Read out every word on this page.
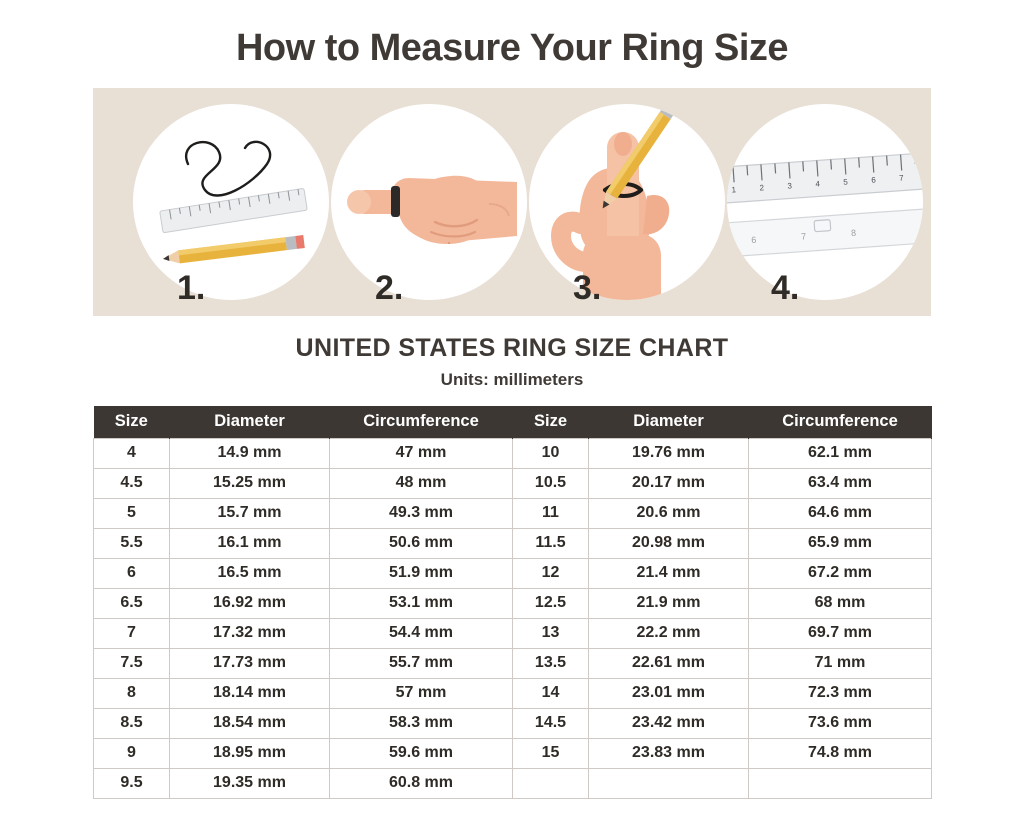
How to Measure Your Ring Size
1.	2.	3.
1	2	3	4	5	6	7
6	7	8
4.
UNITED STATES RING SIZE CHART
Units: millimeters
Size	Diameter	Circumference	Size	Diameter	Circumference
4	14.9 mm	47 mm	10	19.76 mm	62.1 mm
4.5	15.25 mm	48 mm	10.5	20.17 mm	63.4 mm
5	15.7 mm	49.3 mm	11	20.6 mm	64.6 mm
5.5	16.1 mm	50.6 mm	11.5	20.98 mm	65.9 mm
6	16.5 mm	51.9 mm	12	21.4 mm	67.2 mm
6.5	16.92 mm	53.1 mm	12.5	21.9 mm	68 mm
7	17.32 mm	54.4 mm	13	22.2 mm	69.7 mm
7.5	17.73 mm	55.7 mm	13.5	22.61 mm	71 mm
8	18.14 mm	57 mm	14	23.01 mm	72.3 mm
8.5	18.54 mm	58.3 mm	14.5	23.42 mm	73.6 mm
9	18.95 mm	59.6 mm	15	23.83 mm	74.8 mm
9.5	19.35 mm	60.8 mm			
